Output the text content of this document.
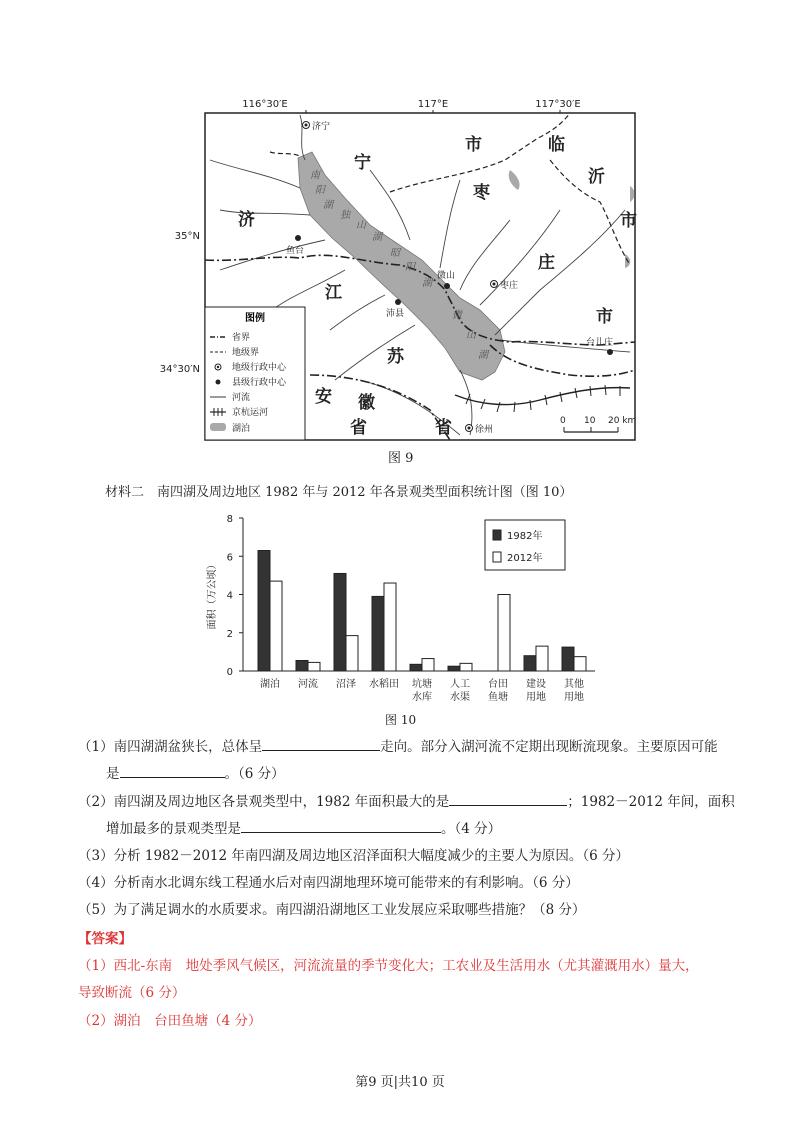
116°30′E	117°E	117°30′E
35°N
34°30′N
济
宁
市	临
沂
市
枣
庄
市
江
苏
省
安 徽
省
南
阳
湖
独
山
湖
昭
阳
湖
微
山
湖
济宁
鱼台
沛县
微山
枣庄
台儿庄
徐州
图例
省界
地级界
地级行政中心
县级行政中心
河流
京杭运河
湖泊
0 10 20 km
图 9
材料二　南四湖及周边地区 1982 年与 2012 年各景观类型面积统计图（图 10）
0
2
4
6
8
面积（万公顷）
湖泊 河流 沼泽 水稻田 坑塘
水库
人工
水渠
台田
鱼塘
建设
用地
其他
用地
1982年
2012年
图 10
（1）南四湖湖盆狭长，总体呈	走向。部分入湖河流不定期出现断流现象。主要原因可能
是	。（6 分）
（2）南四湖及周边地区各景观类型中，1982 年面积最大的是	；1982－2012 年间，面积
增加最多的景观类型是	。（4 分）
（3）分析 1982－2012 年南四湖及周边地区沼泽面积大幅度减少的主要人为原因。（6 分）
（4）分析南水北调东线工程通水后对南四湖地理环境可能带来的有利影响。（6 分）
（5）为了满足调水的水质要求。南四湖沿湖地区工业发展应采取哪些措施？（8 分）
【答案】
（1）西北-东南　地处季风气候区，河流流量的季节变化大；工农业及生活用水（尤其灌溉用水）量大，
导致断流（6 分）
（2）湖泊　台田鱼塘（4 分）
第9 页|共10 页
